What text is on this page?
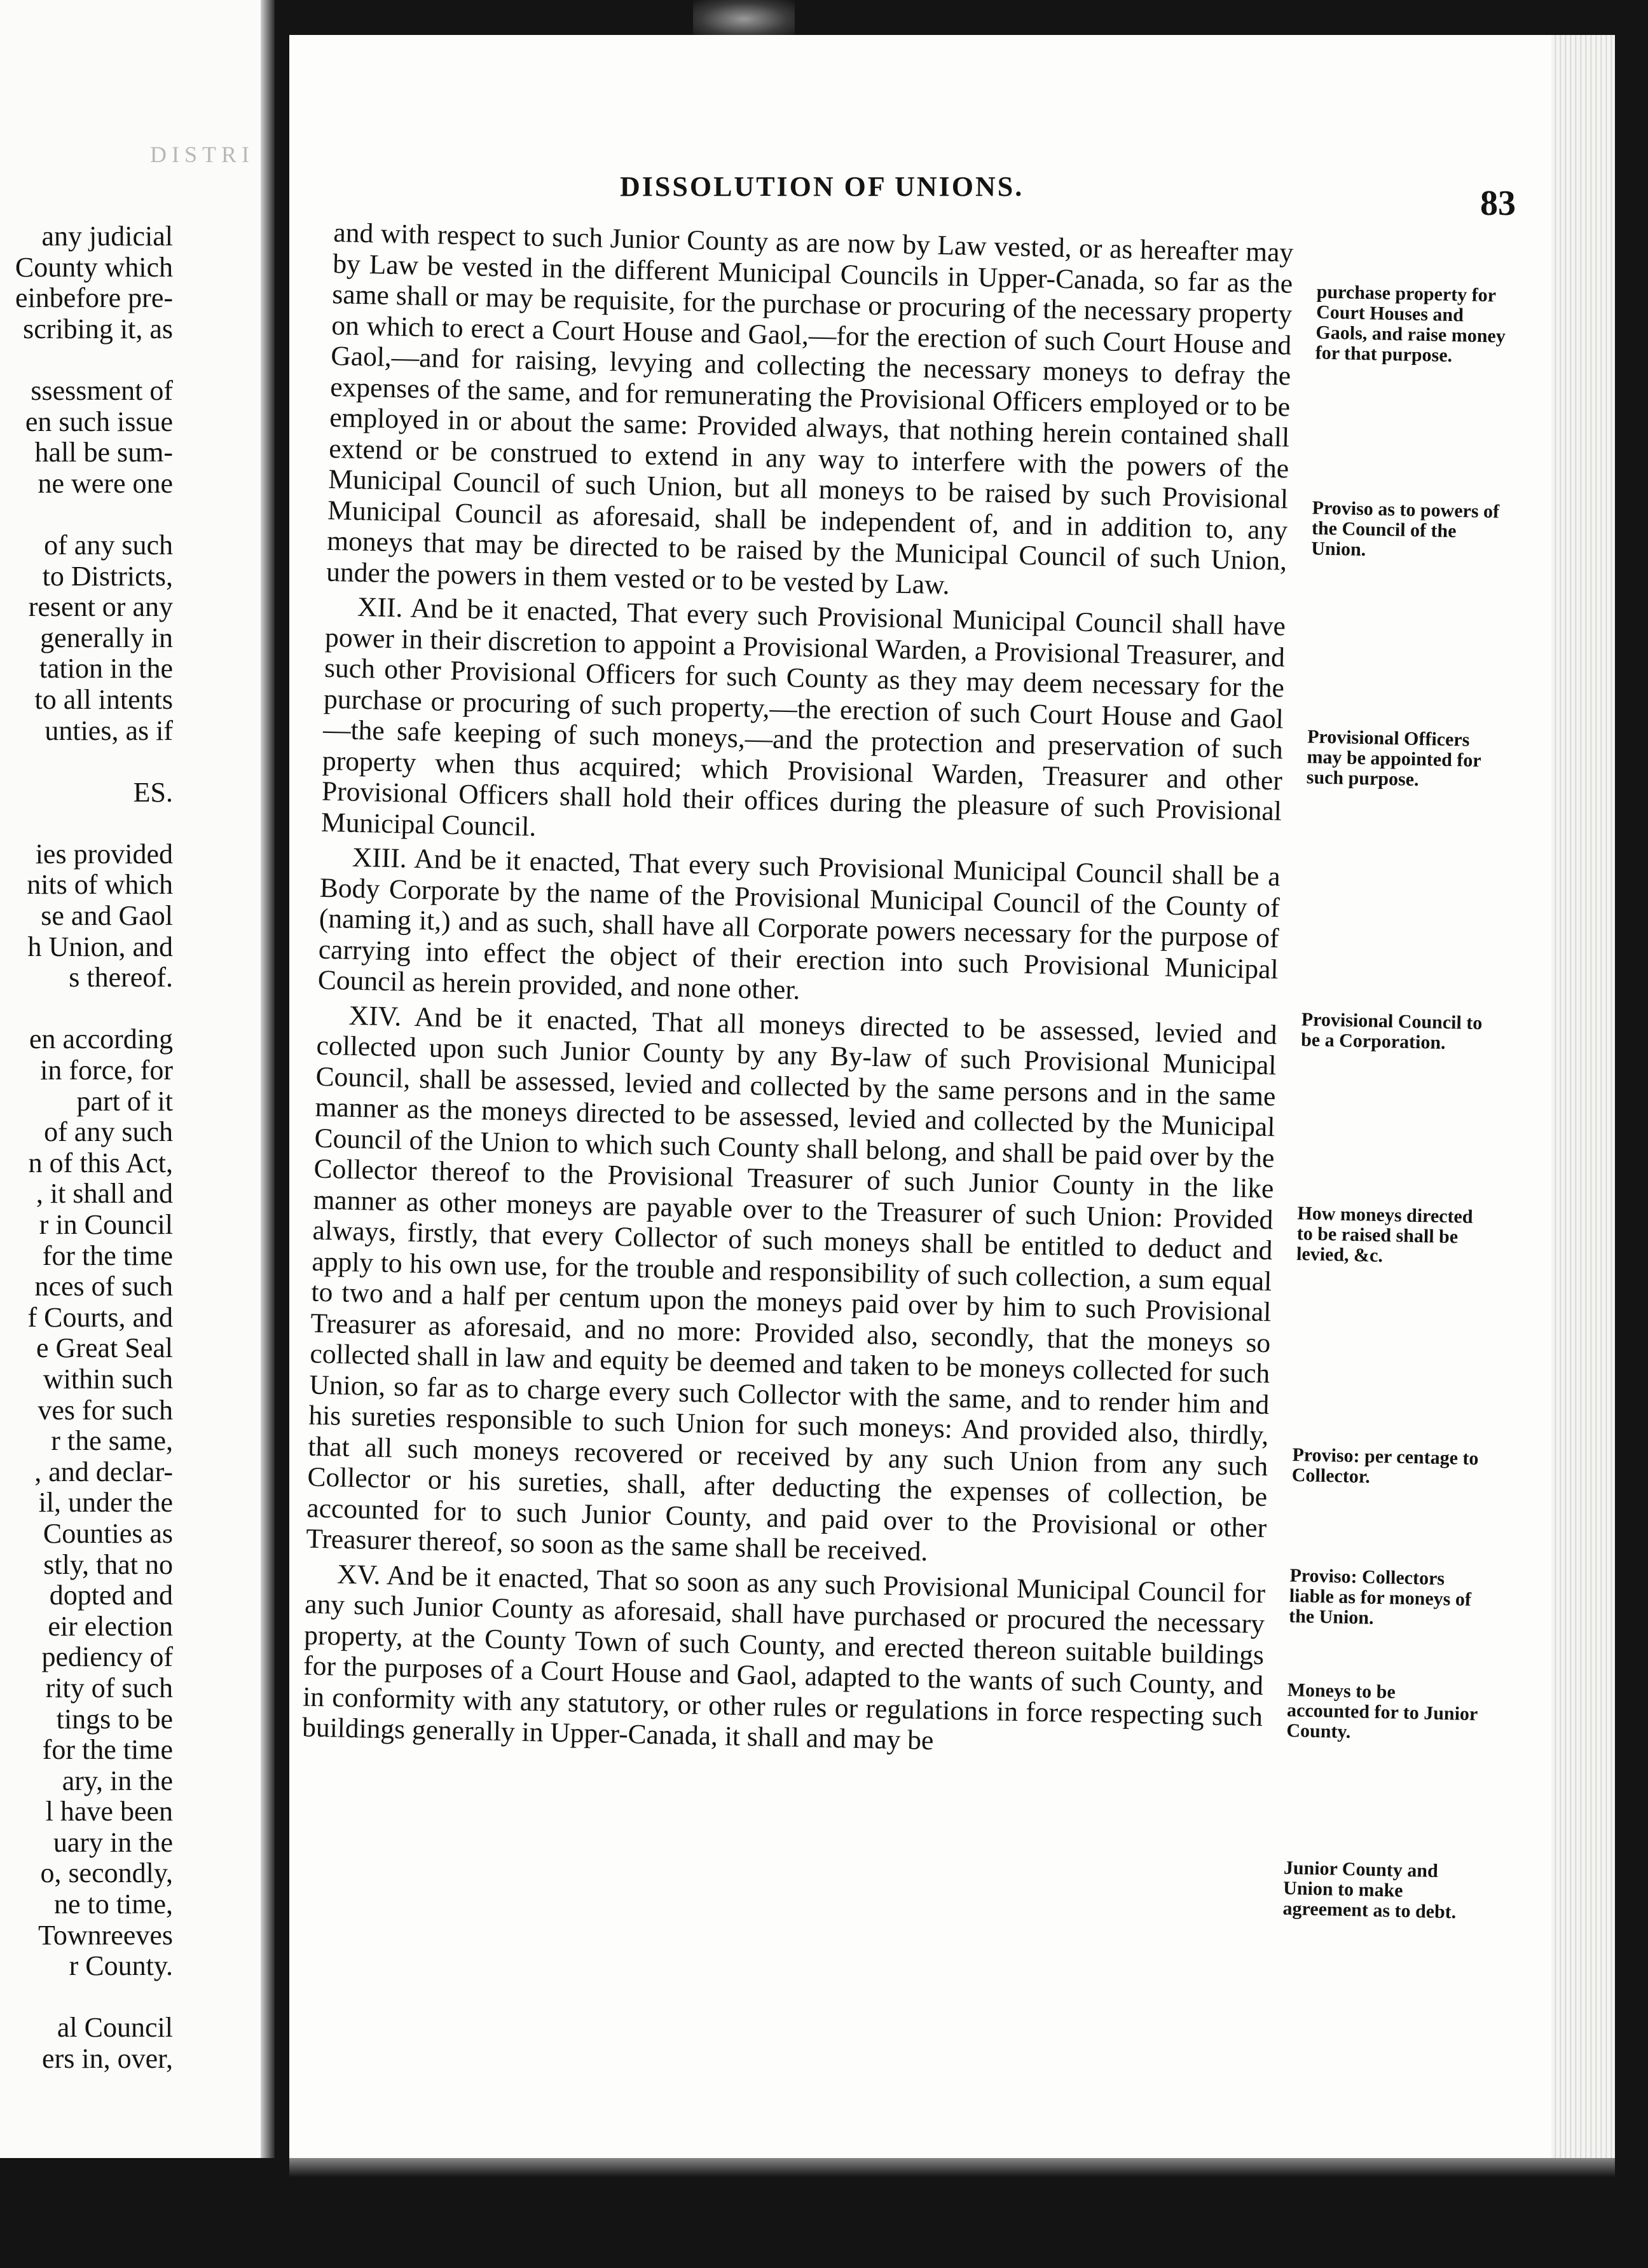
DISTRI
any judicial
County which
einbefore pre-
scribing it, as

ssessment of
en such issue
hall be sum-
ne were one

of any such
to Districts,
resent or any
generally in
tation in the
to all intents
unties, as if

ES.

ies provided
nits of which
se and Gaol
h Union, and
s thereof.

en according
in force, for
part of it
of any such
n of this Act,
, it shall and
r in Council
for the time
nces of such
f Courts, and
e Great Seal
within such
ves for such
r the same,
, and declar-
il, under the
Counties as
stly, that no
dopted and
eir election
pediency of
rity of such
tings to be
for the time
ary, in the
l have been
uary in the
o, secondly,
ne to time,
Townreeves
r County.

al Council
ers in, over,
DISSOLUTION OF UNIONS.	83

and with respect to such Junior County as are now by Law vested, or as hereafter may by Law be vested in the different Municipal Councils in Upper-Canada, so far as the same shall or may be requisite, for the purchase or procuring of the necessary property on which to erect a Court House and Gaol,—for the erection of such Court House and Gaol,—and for raising, levying and collecting the necessary moneys to defray the expenses of the same, and for remunerating the Provisional Officers employed or to be employed in or about the same: Provided always, that nothing herein contained shall extend or be construed to extend in any way to interfere with the powers of the Municipal Council of such Union, but all moneys to be raised by such Provisional Municipal Council as aforesaid, shall be independent of, and in addition to, any moneys that may be directed to be raised by the Municipal Council of such Union, under the powers in them vested or to be vested by Law.

XII. And be it enacted, That every such Provisional Municipal Council shall have power in their discretion to appoint a Provisional Warden, a Provisional Treasurer, and such other Provisional Officers for such County as they may deem necessary for the purchase or procuring of such property,—the erection of such Court House and Gaol—the safe keeping of such moneys,—and the protection and preservation of such property when thus acquired; which Provisional Warden, Treasurer and other Provisional Officers shall hold their offices during the pleasure of such Provisional Municipal Council.

XIII. And be it enacted, That every such Provisional Municipal Council shall be a Body Corporate by the name of the Provisional Municipal Council of the County of (naming it,) and as such, shall have all Corporate powers necessary for the purpose of carrying into effect the object of their erection into such Provisional Municipal Council as herein provided, and none other.

XIV. And be it enacted, That all moneys directed to be assessed, levied and collected upon such Junior County by any By-law of such Provisional Municipal Council, shall be assessed, levied and collected by the same persons and in the same manner as the moneys directed to be assessed, levied and collected by the Municipal Council of the Union to which such County shall belong, and shall be paid over by the Collector thereof to the Provisional Treasurer of such Junior County in the like manner as other moneys are payable over to the Treasurer of such Union: Provided always, firstly, that every Collector of such moneys shall be entitled to deduct and apply to his own use, for the trouble and responsibility of such collection, a sum equal to two and a half per centum upon the moneys paid over by him to such Provisional Treasurer as aforesaid, and no more: Provided also, secondly, that the moneys so collected shall in law and equity be deemed and taken to be moneys collected for such Union, so far as to charge every such Collector with the same, and to render him and his sureties responsible to such Union for such moneys: And provided also, thirdly, that all such moneys recovered or received by any such Union from any such Collector or his sureties, shall, after deducting the expenses of collection, be accounted for to such Junior County, and paid over to the Provisional or other Treasurer thereof, so soon as the same shall be received.

XV. And be it enacted, That so soon as any such Provisional Municipal Council for any such Junior County as aforesaid, shall have purchased or procured the necessary property, at the County Town of such County, and erected thereon suitable buildings for the purposes of a Court House and Gaol, adapted to the wants of such County, and in conformity with any statutory, or other rules or regulations in force respecting such buildings generally in Upper-Canada, it shall and may be

purchase property for Court Houses and Gaols, and raise money for that purpose.
Proviso as to powers of the Council of the Union.
Provisional Officers may be appointed for such purpose.
Provisional Council to be a Corporation.
How moneys directed to be raised shall be levied, &c.
Proviso: per centage to Collector.
Proviso: Collectors liable as for moneys of the Union.
Moneys to be accounted for to Junior County.
Junior County and Union to make agreement as to debt.
